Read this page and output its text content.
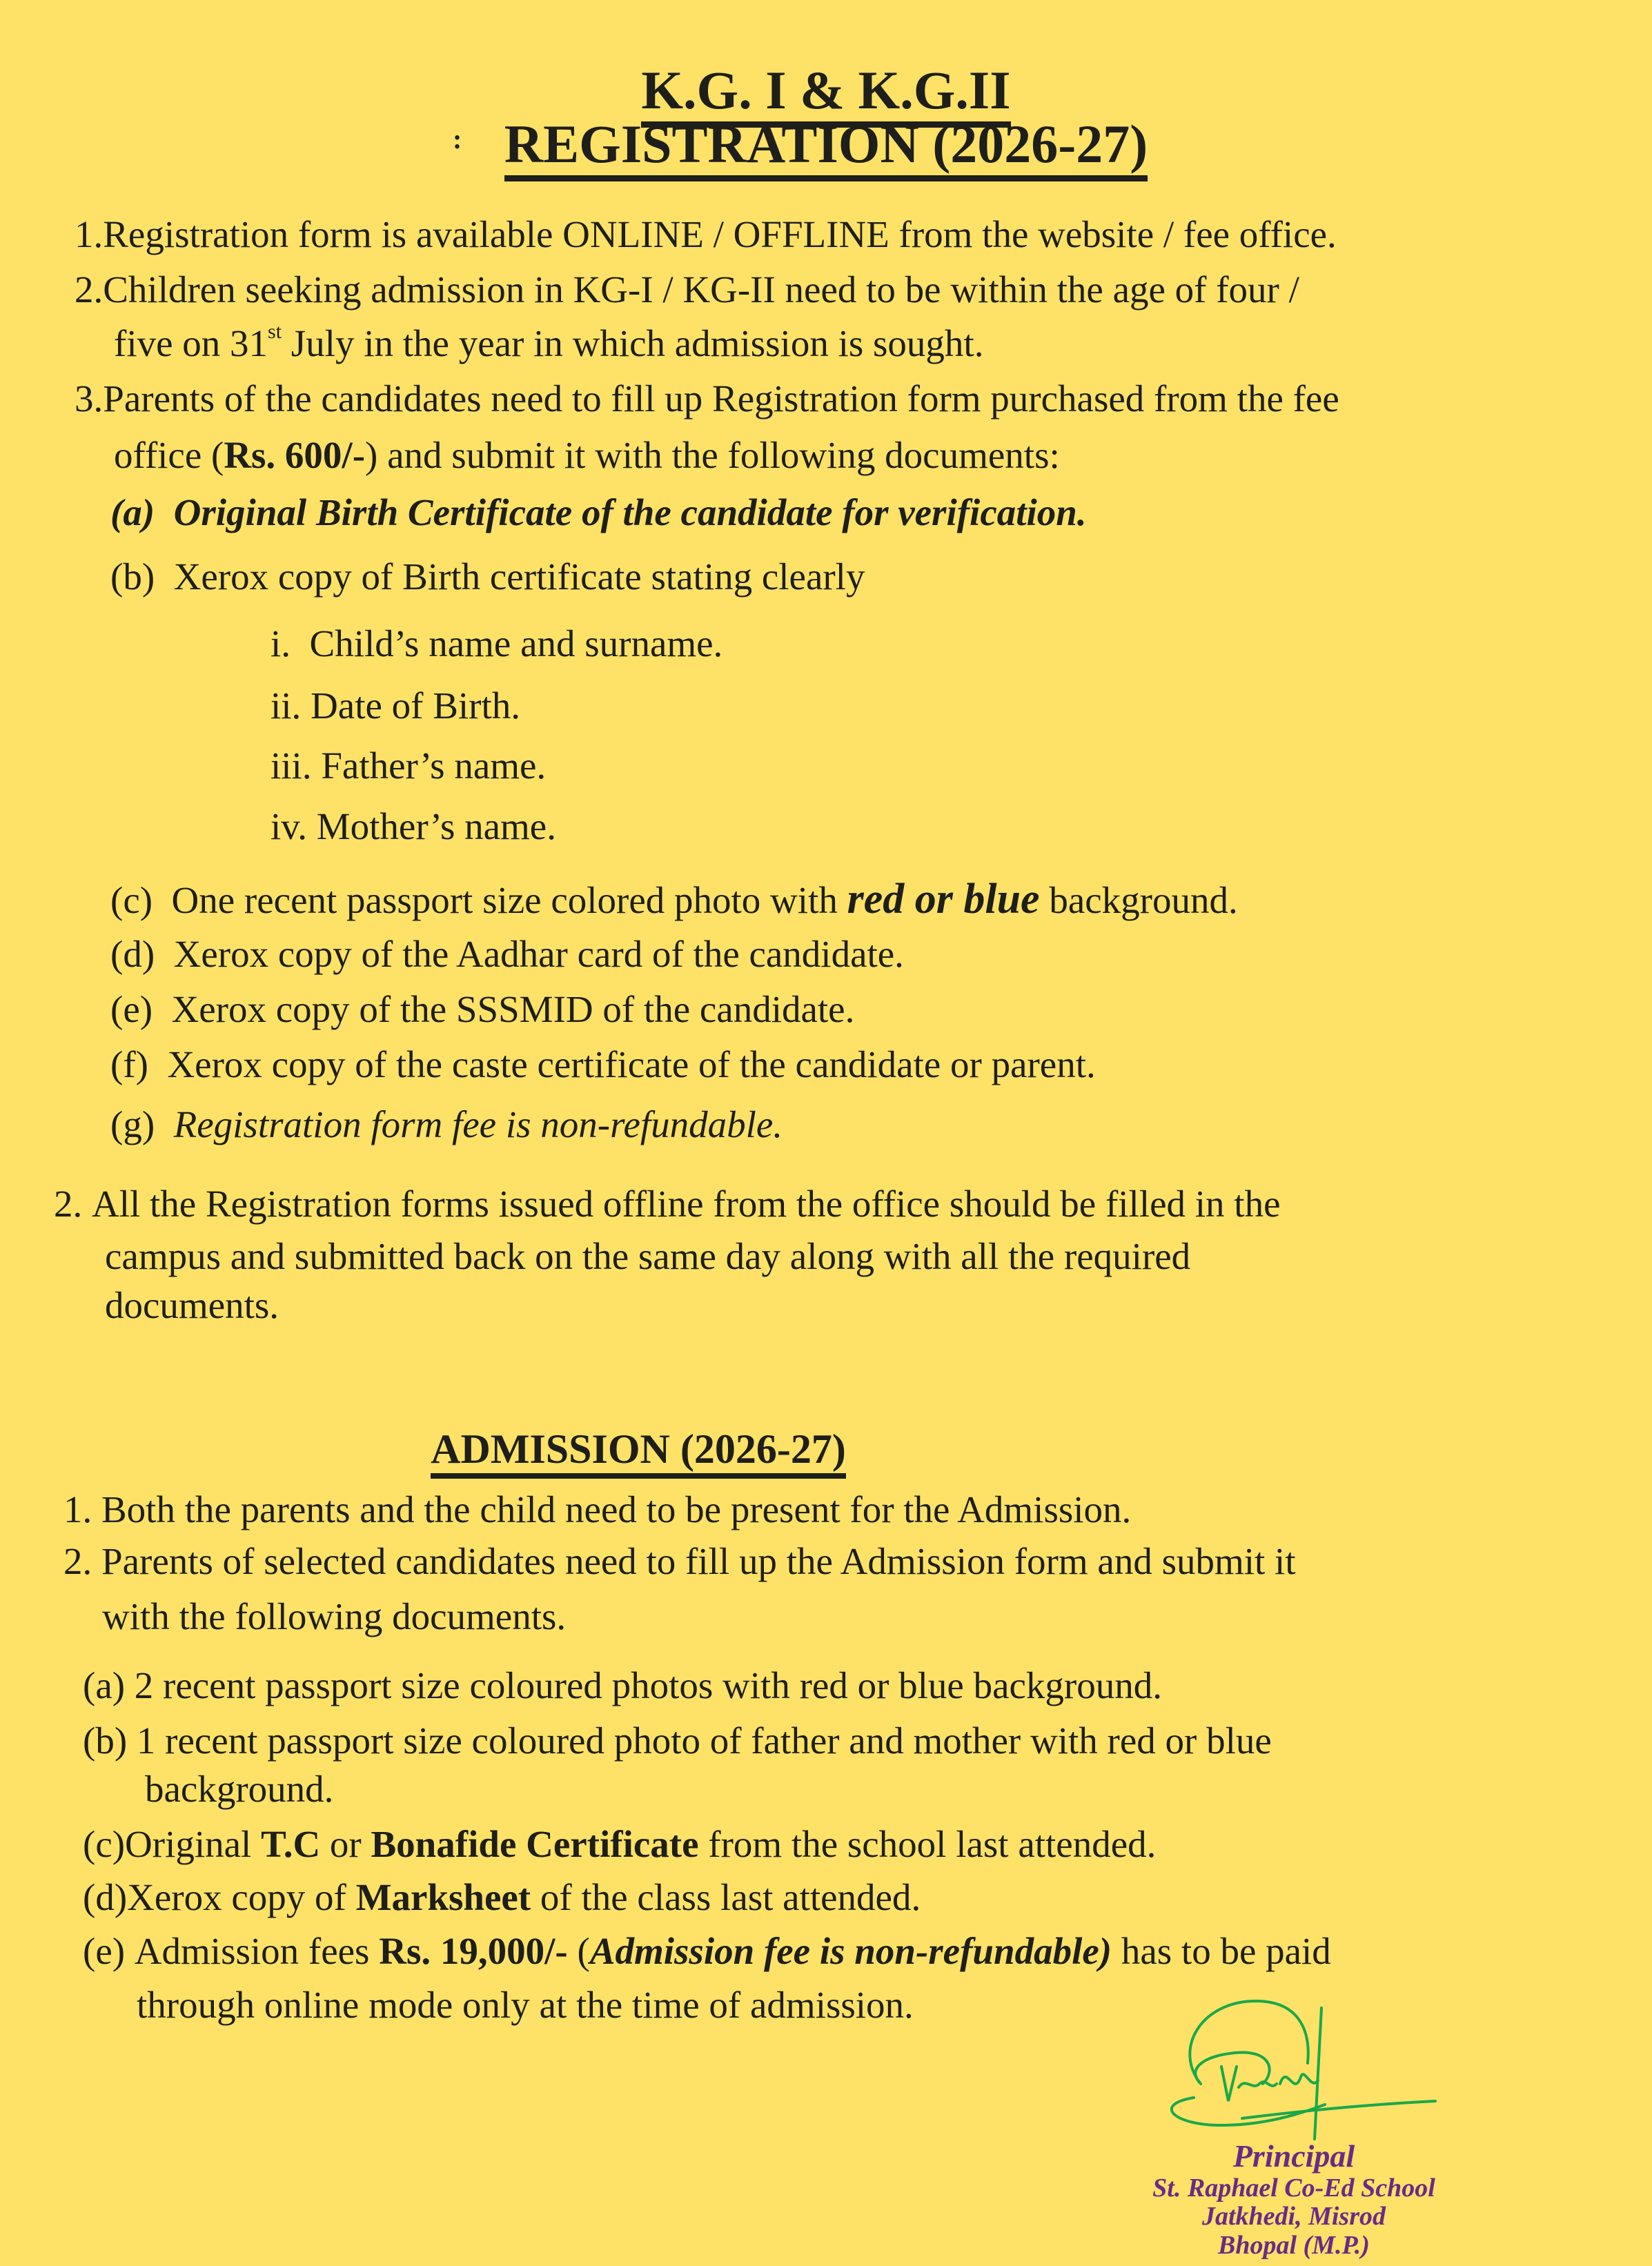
:
K.G. I & K.G.II
REGISTRATION (2026-27)
1.Registration form is available ONLINE / OFFLINE from the website / fee office.
2.Children seeking admission in KG-I / KG-II need to be within the age of four /
five on 31st July in the year in which admission is sought.
3.Parents of the candidates need to fill up Registration form purchased from the fee
office (Rs. 600/-) and submit it with the following documents:
(a) Original Birth Certificate of the candidate for verification.
(b) Xerox copy of Birth certificate stating clearly
i. Child’s name and surname.
ii. Date of Birth.
iii. Father’s name.
iv. Mother’s name.
(c) One recent passport size colored photo with red or blue background.
(d) Xerox copy of the Aadhar card of the candidate.
(e) Xerox copy of the SSSMID of the candidate.
(f) Xerox copy of the caste certificate of the candidate or parent.
(g) Registration form fee is non-refundable.
2. All the Registration forms issued offline from the office should be filled in the
campus and submitted back on the same day along with all the required
documents.
ADMISSION (2026-27)
1. Both the parents and the child need to be present for the Admission.
2. Parents of selected candidates need to fill up the Admission form and submit it
with the following documents.
(a) 2 recent passport size coloured photos with red or blue background.
(b) 1 recent passport size coloured photo of father and mother with red or blue
background.
(c)Original T.C or Bonafide Certificate from the school last attended.
(d)Xerox copy of Marksheet of the class last attended.
(e) Admission fees Rs. 19,000/- (Admission fee is non-refundable) has to be paid
through online mode only at the time of admission.
Principal
St. Raphael Co-Ed School
Jatkhedi, Misrod
Bhopal (M.P.)
